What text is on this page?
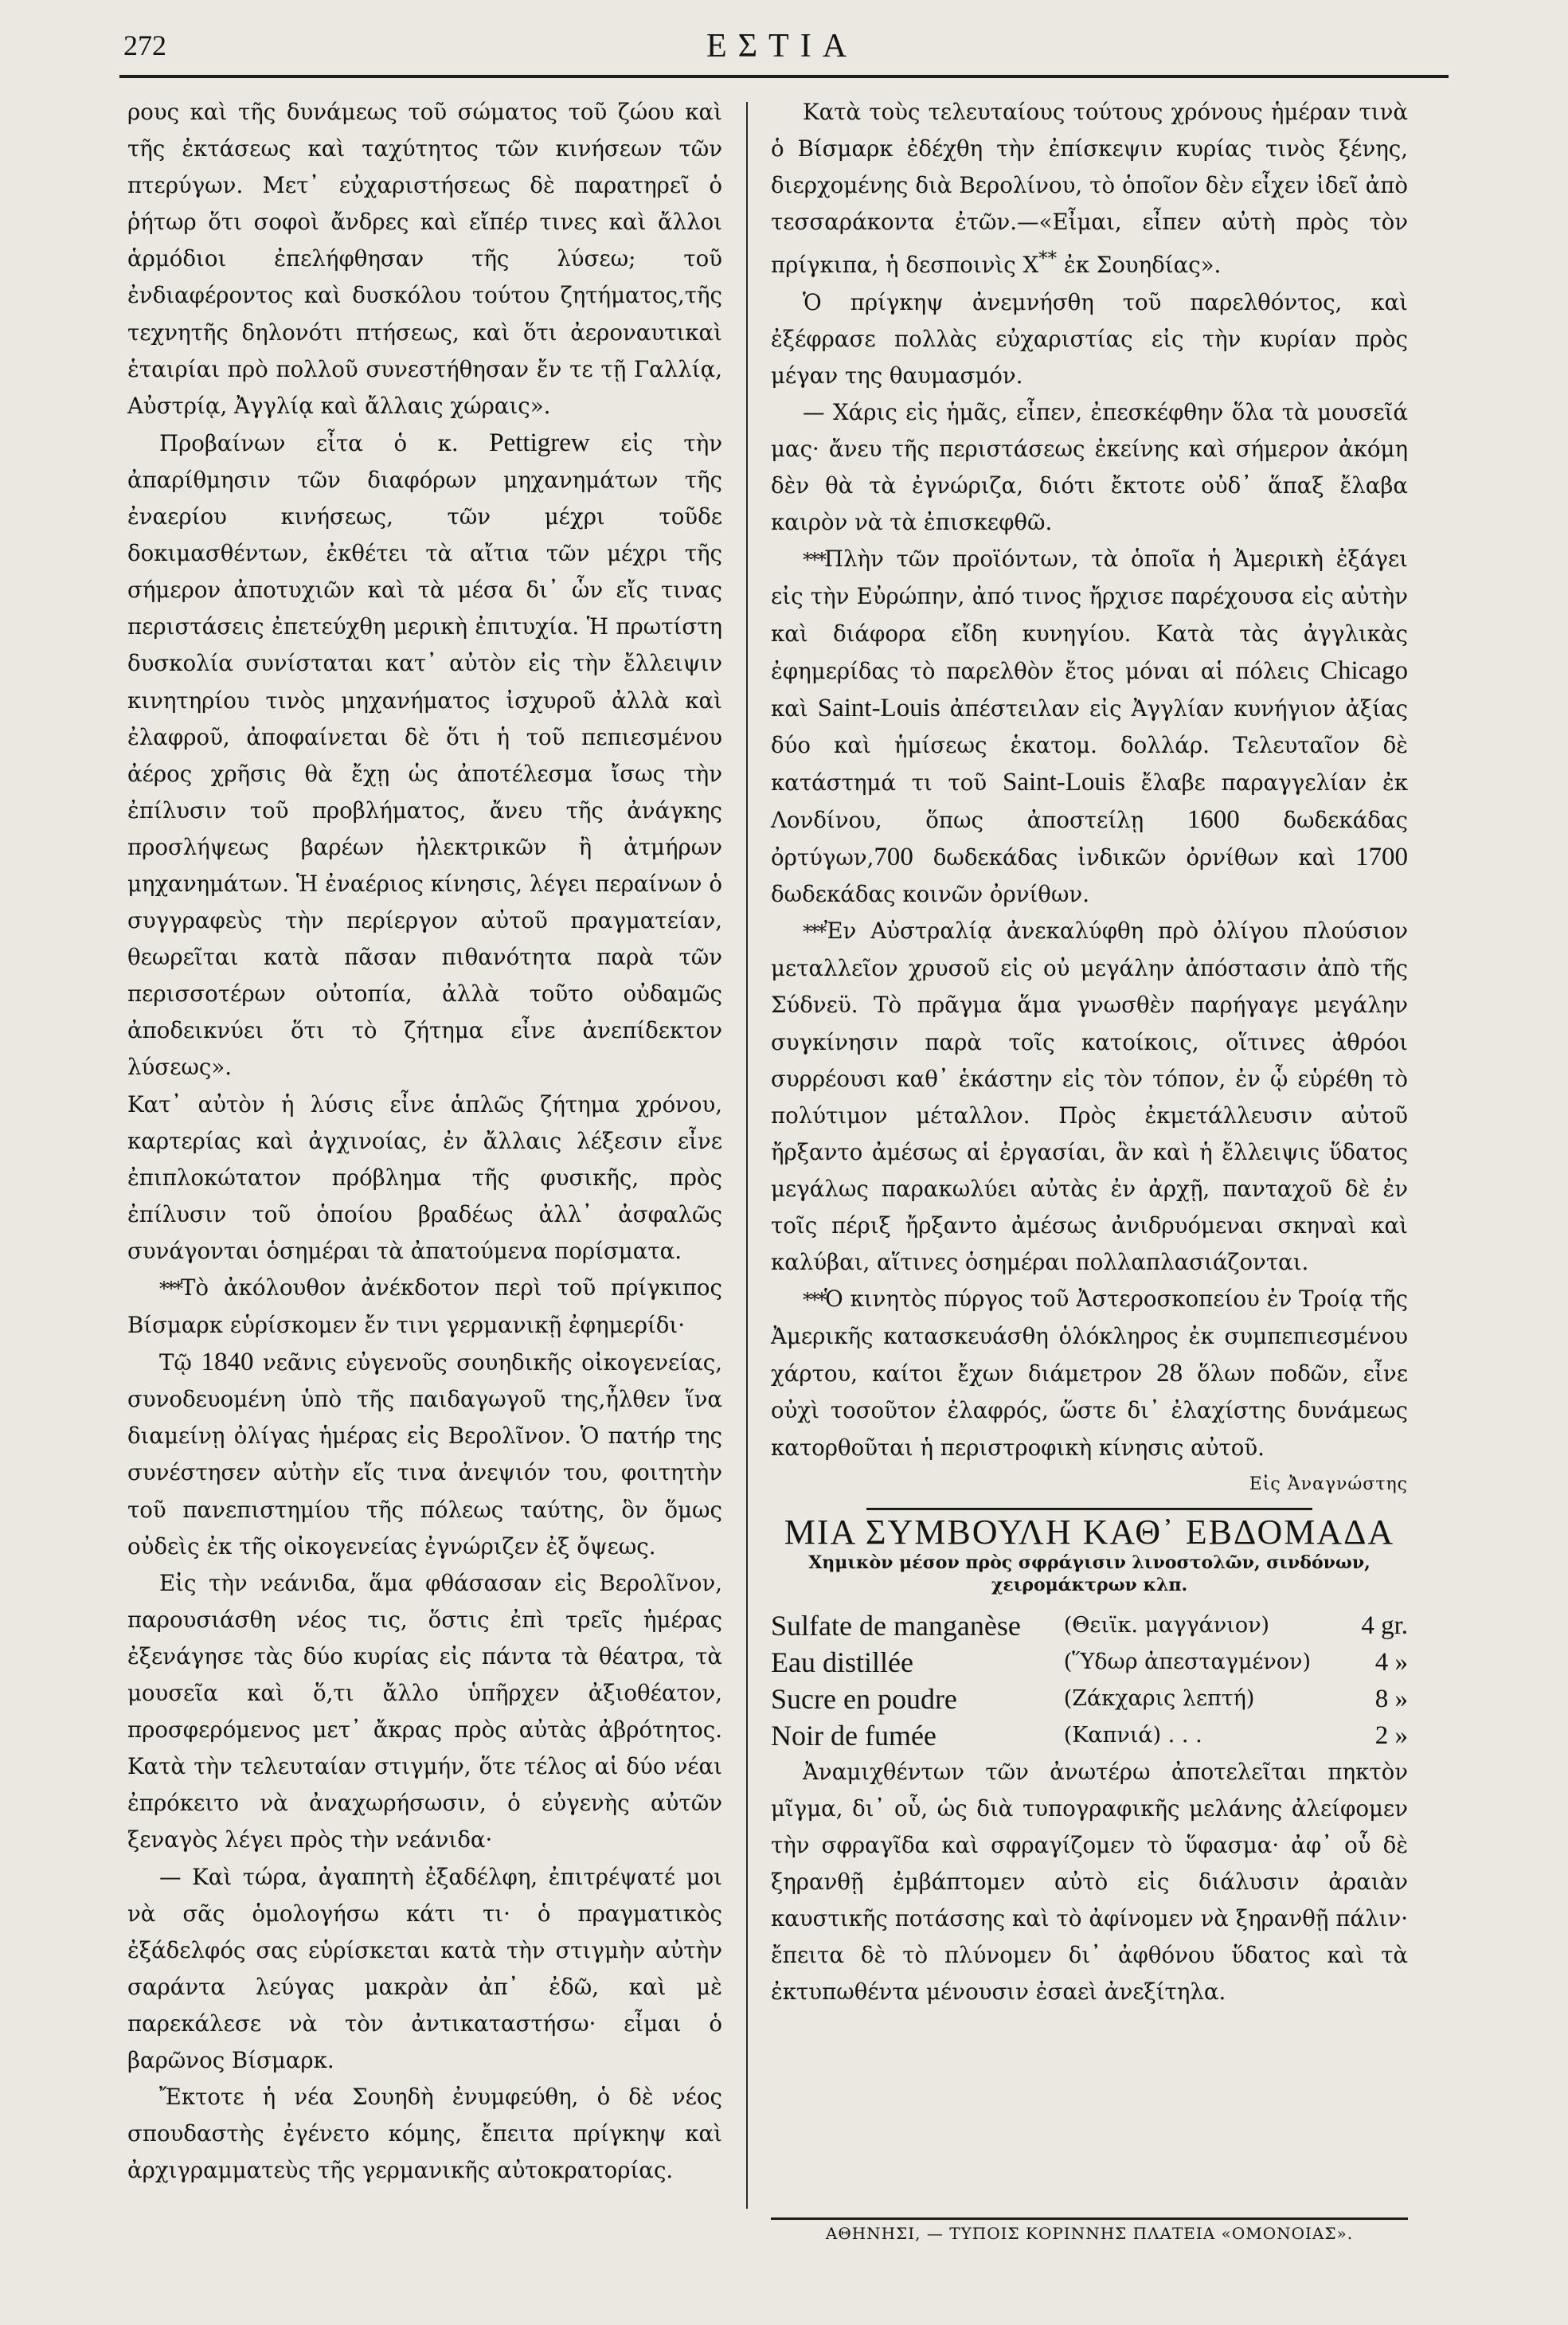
272	ΕΣΤΙΑ

ρους καὶ τῆς δυνάμεως τοῦ σώματος τοῦ ζώου καὶ τῆς ἐκτάσεως καὶ ταχύτητος τῶν κινήσεων τῶν πτερύγων. Μετ᾿ εὐχαριστήσεως δὲ παρατηρεῖ ὁ ῥήτωρ ὅτι σοφοὶ ἄνδρες καὶ εἴπέρ τινες καὶ ἄλλοι ἁρμόδιοι ἐπελήφθησαν τῆς λύσεω; τοῦ ἐνδιαφέροντος καὶ δυσκόλου τούτου ζητήματος,τῆς τεχνητῆς δηλονότι πτήσεως, καὶ ὅτι ἀεροναυτικαὶ ἑταιρίαι πρὸ πολλοῦ συνεστήθησαν ἔν τε τῇ Γαλλίᾳ, Αὐστρίᾳ, Ἀγγλίᾳ καὶ ἄλλαις χώραις».

Προβαίνων εἶτα ὁ κ. Pettigrew εἰς τὴν ἀπαρίθμησιν τῶν διαφόρων μηχανημάτων τῆς ἐναερίου κινήσεως, τῶν μέχρι τοῦδε δοκιμασθέντων, ἐκθέτει τὰ αἴτια τῶν μέχρι τῆς σήμερον ἀποτυχιῶν καὶ τὰ μέσα δι᾿ ὧν εἴς τινας περιστάσεις ἐπετεύχθη μερικὴ ἐπιτυχία. Ἡ πρωτίστη δυσκολία συνίσταται κατ᾿ αὐτὸν εἰς τὴν ἔλλειψιν κινητηρίου τινὸς μηχανήματος ἰσχυροῦ ἀλλὰ καὶ ἐλαφροῦ, ἀποφαίνεται δὲ ὅτι ἡ τοῦ πεπιεσμένου ἀέρος χρῆσις θὰ ἔχῃ ὡς ἀποτέλεσμα ἴσως τὴν ἐπίλυσιν τοῦ προβλήματος, ἄνευ τῆς ἀνάγκης προσλήψεως βαρέων ἠλεκτρικῶν ἢ ἀτμήρων μηχανημάτων. Ἡ ἐναέριος κίνησις, λέγει περαίνων ὁ συγγραφεὺς τὴν περίεργον αὐτοῦ πραγματείαν, θεωρεῖται κατὰ πᾶσαν πιθανότητα παρὰ τῶν περισσοτέρων οὐτοπία, ἀλλὰ τοῦτο οὐδαμῶς ἀποδεικνύει ὅτι τὸ ζήτημα εἶνε ἀνεπίδεκτον λύσεως».

Κατ᾿ αὐτὸν ἡ λύσις εἶνε ἁπλῶς ζήτημα χρόνου, καρτερίας καὶ ἀγχινοίας, ἐν ἄλλαις λέξεσιν εἶνε ἐπιπλοκώτατον πρόβλημα τῆς φυσικῆς, πρὸς ἐπίλυσιν τοῦ ὁποίου βραδέως ἀλλ᾿ ἀσφαλῶς συνάγονται ὁσημέραι τὰ ἀπατούμενα πορίσματα.

***Τὸ ἀκόλουθον ἀνέκδοτον περὶ τοῦ πρίγκιπος Βίσμαρκ εὑρίσκομεν ἔν τινι γερμανικῇ ἐφημερίδι·

Τῷ 1840 νεᾶνις εὐγενοῦς σουηδικῆς οἰκογενείας, συνοδευομένη ὑπὸ τῆς παιδαγωγοῦ της,ἦλθεν ἵνα διαμείνῃ ὀλίγας ἡμέρας εἰς Βερολῖνον. Ὁ πατήρ της συνέστησεν αὐτὴν εἴς τινα ἀνεψιόν του, φοιτητὴν τοῦ πανεπιστημίου τῆς πόλεως ταύτης, ὃν ὅμως οὐδεὶς ἐκ τῆς οἰκογενείας ἐγνώριζεν ἐξ ὄψεως.

Εἰς τὴν νεάνιδα, ἅμα φθάσασαν εἰς Βερολῖνον, παρουσιάσθη νέος τις, ὅστις ἐπὶ τρεῖς ἡμέρας ἐξενάγησε τὰς δύο κυρίας εἰς πάντα τὰ θέατρα, τὰ μουσεῖα καὶ ὅ,τι ἄλλο ὑπῆρχεν ἀξιοθέατον, προσφερόμενος μετ᾿ ἄκρας πρὸς αὐτὰς ἀβρότητος. Κατὰ τὴν τελευταίαν στιγμήν, ὅτε τέλος αἱ δύο νέαι ἐπρόκειτο νὰ ἀναχωρήσωσιν, ὁ εὐγενὴς αὐτῶν ξεναγὸς λέγει πρὸς τὴν νεάνιδα·

— Καὶ τώρα, ἀγαπητὴ ἐξαδέλφη, ἐπιτρέψατέ μοι νὰ σᾶς ὁμολογήσω κάτι τι· ὁ πραγματικὸς ἐξάδελφός σας εὑρίσκεται κατὰ τὴν στιγμὴν αὐτὴν σαράντα λεύγας μακρὰν ἀπ᾿ ἐδῶ, καὶ μὲ παρεκάλεσε νὰ τὸν ἀντικαταστήσω· εἶμαι ὁ βαρῶνος Βίσμαρκ.

Ἔκτοτε ἡ νέα Σουηδὴ ἐνυμφεύθη, ὁ δὲ νέος σπουδαστὴς ἐγένετο κόμης, ἔπειτα πρίγκηψ καὶ ἀρχιγραμματεὺς τῆς γερμανικῆς αὐτοκρατορίας.

Κατὰ τοὺς τελευταίους τούτους χρόνους ἡμέραν τινὰ ὁ Βίσμαρκ ἐδέχθη τὴν ἐπίσκεψιν κυρίας τινὸς ξένης, διερχομένης διὰ Βερολίνου, τὸ ὁποῖον δὲν εἶχεν ἰδεῖ ἀπὸ τεσσαράκοντα ἐτῶν.—«Εἶμαι, εἶπεν αὐτὴ πρὸς τὸν πρίγκιπα, ἡ δεσποινὶς Χ** ἐκ Σουηδίας».

Ὁ πρίγκηψ ἀνεμνήσθη τοῦ παρελθόντος, καὶ ἐξέφρασε πολλὰς εὐχαριστίας εἰς τὴν κυρίαν πρὸς μέγαν της θαυμασμόν.

— Χάρις εἰς ἡμᾶς, εἶπεν, ἐπεσκέφθην ὅλα τὰ μουσεῖά μας· ἄνευ τῆς περιστάσεως ἐκείνης καὶ σήμερον ἀκόμη δὲν θὰ τὰ ἐγνώριζα, διότι ἔκτοτε οὐδ᾿ ἅπαξ ἔλαβα καιρὸν νὰ τὰ ἐπισκεφθῶ.

***Πλὴν τῶν προϊόντων, τὰ ὁποῖα ἡ Ἀμερικὴ ἐξάγει εἰς τὴν Εὐρώπην, ἀπό τινος ἤρχισε παρέχουσα εἰς αὐτὴν καὶ διάφορα εἴδη κυνηγίου. Κατὰ τὰς ἀγγλικὰς ἐφημερίδας τὸ παρελθὸν ἔτος μόναι αἱ πόλεις Chicago καὶ Saint-Louis ἀπέστειλαν εἰς Ἀγγλίαν κυνήγιον ἀξίας δύο καὶ ἡμίσεως ἑκατομ. δολλάρ. Τελευταῖον δὲ κατάστημά τι τοῦ Saint-Louis ἔλαβε παραγγελίαν ἐκ Λονδίνου, ὅπως ἀποστείλῃ 1600 δωδεκάδας ὀρτύγων,700 δωδεκάδας ἰνδικῶν ὀρνίθων καὶ 1700 δωδεκάδας κοινῶν ὀρνίθων.

***Ἐν Αὐστραλίᾳ ἀνεκαλύφθη πρὸ ὀλίγου πλούσιον μεταλλεῖον χρυσοῦ εἰς οὐ μεγάλην ἀπόστασιν ἀπὸ τῆς Σύδνεϋ. Τὸ πρᾶγμα ἅμα γνωσθὲν παρήγαγε μεγάλην συγκίνησιν παρὰ τοῖς κατοίκοις, οἵτινες ἀθρόοι συρρέουσι καθ᾿ ἑκάστην εἰς τὸν τόπον, ἐν ᾧ εὑρέθη τὸ πολύτιμον μέταλλον. Πρὸς ἐκμετάλλευσιν αὐτοῦ ἤρξαντο ἀμέσως αἱ ἐργασίαι, ἂν καὶ ἡ ἔλλειψις ὕδατος μεγάλως παρακωλύει αὐτὰς ἐν ἀρχῇ, πανταχοῦ δὲ ἐν τοῖς πέριξ ἤρξαντο ἀμέσως ἀνιδρυόμεναι σκηναὶ καὶ καλύβαι, αἵτινες ὁσημέραι πολλαπλασιάζονται.

***Ὁ κινητὸς πύργος τοῦ Ἀστεροσκοπείου ἐν Τροίᾳ τῆς Ἀμερικῆς κατασκευάσθη ὁλόκληρος ἐκ συμπεπιεσμένου χάρτου, καίτοι ἔχων διάμετρον 28 ὅλων ποδῶν, εἶνε οὐχὶ τοσοῦτον ἐλαφρός, ὥστε δι᾿ ἐλαχίστης δυνάμεως κατορθοῦται ἡ περιστροφικὴ κίνησις αὐτοῦ.

Εἰς Ἀναγνώστης

ΜΙΑ ΣΥΜΒΟΥΛΗ ΚΑΘ᾿ ΕΒΔΟΜΑΔΑ
Χημικὸν μέσον πρὸς σφράγισιν λινοστολῶν, σινδόνων, χειρομάκτρων κλπ.
Sulfate de manganèse	(Θειϊκ. μαγγάνιον)	4 gr.
Eau distillée	(Ὕδωρ ἀπεσταγμένον)	4 »
Sucre en poudre	(Ζάκχαρις λεπτή)	8 »
Noir de fumée	(Καπνιά) . . .	2 »

Ἀναμιχθέντων τῶν ἀνωτέρω ἀποτελεῖται πηκτὸν μῖγμα, δι᾿ οὗ, ὡς διὰ τυπογραφικῆς μελάνης ἀλείφομεν τὴν σφραγῖδα καὶ σφραγίζομεν τὸ ὕφασμα· ἀφ᾿ οὗ δὲ ξηρανθῇ ἐμβάπτομεν αὐτὸ εἰς διάλυσιν ἀραιὰν καυστικῆς ποτάσσης καὶ τὸ ἀφίνομεν νὰ ξηρανθῇ πάλιν· ἔπειτα δὲ τὸ πλύνομεν δι᾿ ἀφθόνου ὕδατος καὶ τὰ ἐκτυπωθέντα μένουσιν ἐσαεὶ ἀνεξίτηλα.

ΑΘΗΝΗΣΙ, — ΤΥΠΟΙΣ ΚΟΡΙΝΝΗΣ ΠΛΑΤΕΙΑ «ΟΜΟΝΟΙΑΣ».
